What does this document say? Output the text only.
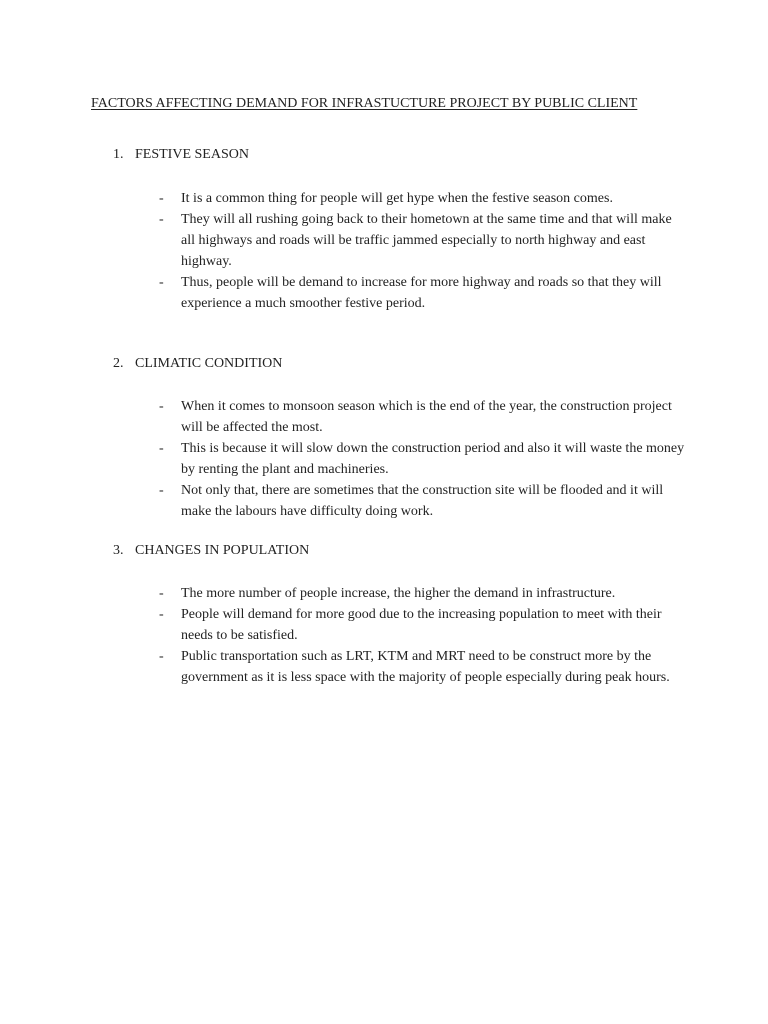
FACTORS AFFECTING DEMAND FOR INFRASTUCTURE PROJECT BY PUBLIC CLIENT
1. FESTIVE SEASON
- It is a common thing for people will get hype when the festive season comes.
- They will all rushing going back to their hometown at the same time and that will make all highways and roads will be traffic jammed especially to north highway and east highway.
- Thus, people will be demand to increase for more highway and roads so that they will experience a much smoother festive period.
2. CLIMATIC CONDITION
- When it comes to monsoon season which is the end of the year, the construction project will be affected the most.
- This is because it will slow down the construction period and also it will waste the money by renting the plant and machineries.
- Not only that, there are sometimes that the construction site will be flooded and it will make the labours have difficulty doing work.
3. CHANGES IN POPULATION
- The more number of people increase, the higher the demand in infrastructure.
- People will demand for more good due to the increasing population to meet with their needs to be satisfied.
- Public transportation such as LRT, KTM and MRT need to be construct more by the government as it is less space with the majority of people especially during peak hours.
